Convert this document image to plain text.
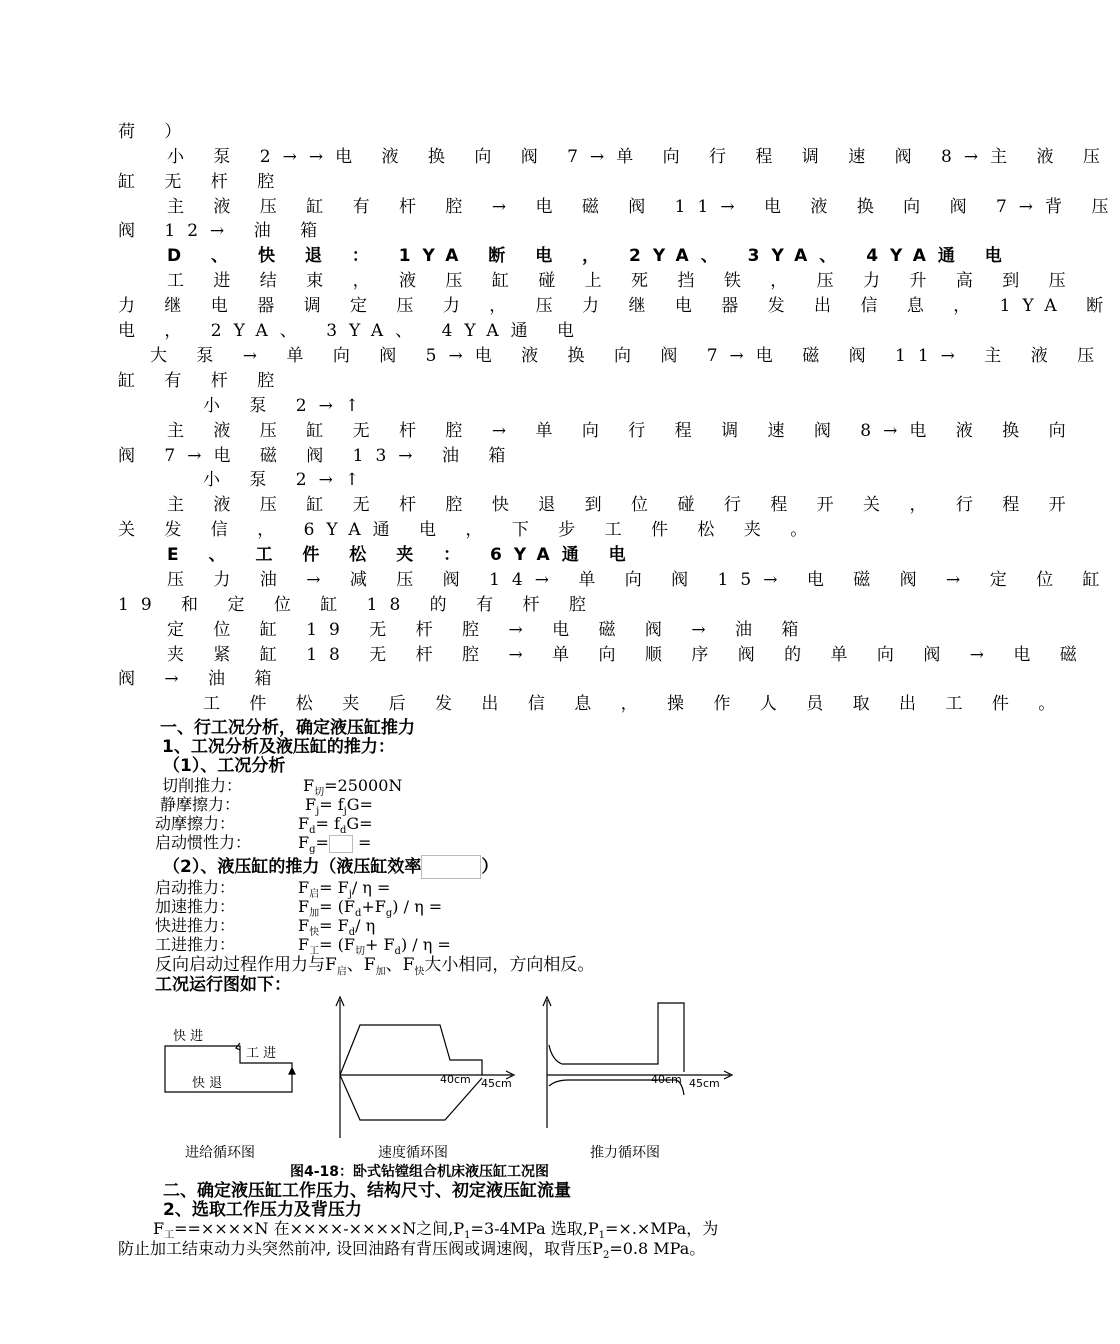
荷 ）
小 泵 2→→电 液 换 向 阀 7→单 向 行 程 调 速 阀 8→主 液 压
缸 无 杆 腔
主 液 压 缸 有 杆 腔 → 电 磁 阀 11→ 电 液 换 向 阀 7→背 压
阀 12→ 油 箱
D 、 快 退 ： 1YA 断 电 ， 2YA、 3YA、 4YA通 电
工 进 结 束 ， 液 压 缸 碰 上 死 挡 铁 ， 压 力 升 高 到 压
力 继 电 器 调 定 压 力 ， 压 力 继 电 器 发 出 信 息 ， 1YA 断
电 ， 2YA、 3YA、 4YA通 电
大 泵 → 单 向 阀 5→电 液 换 向 阀 7→电 磁 阀 11→ 主 液 压
缸 有 杆 腔
小 泵 2→↑
主 液 压 缸 无 杆 腔 → 单 向 行 程 调 速 阀 8→电 液 换 向
阀 7→电 磁 阀 13→ 油 箱
小 泵 2→↑
主 液 压 缸 无 杆 腔 快 退 到 位 碰 行 程 开 关 ， 行 程 开
关 发 信 ， 6YA通 电 ， 下 步 工 件 松 夹 。
E 、 工 件 松 夹 ： 6YA通 电
压 力 油 → 减 压 阀 14→ 单 向 阀 15→ 电 磁 阀 → 定 位 缸
19 和 定 位 缸 18 的 有 杆 腔
定 位 缸 19 无 杆 腔 → 电 磁 阀 → 油 箱
夹 紧 缸 18 无 杆 腔 → 单 向 顺 序 阀 的 单 向 阀 → 电 磁
阀 → 油 箱
工 件 松 夹 后 发 出 信 息 ， 操 作 人 员 取 出 工 件 。
一、行工况分析，确定液压缸推力
1、工况分析及液压缸的推力：
（1）、工况分析
切削推力：	$F_切=25000N$
静摩擦力：	$F_j= f_jG=$
动摩擦力：	$F_d= f_dG=$
启动惯性力：	$F_g=$ =
（2）、液压缸的推力（液压缸效率	）
启动推力：	$F_启= F_j/$ η =
加速推力：	$F_加= (F_d+F_g) / \eta$ =
快进推力：	$F_快= F_d/$ η
工进推力：	$F_工= (F_切+ F_d) / \eta$ =
反向启动过程作用力与$F_启$、$F_加$、$F_快$大小相同，方向相反。
工况运行图如下：
快 进
工 进
快 退	40cm 45cm	40cm 45cm
进给循环图	速度循环图	推力循环图
图4-18：卧式钻镗组合机床液压缸工况图
二、确定液压缸工作压力、结构尺寸、初定液压缸流量
2、选取工作压力及背压力
$F_工==\times\times\times\times N$ 在××××-××××N之间$,P_1=3-4MPa$ 选取$,P_1=\times.\times MPa$，为
防止加工结束动力头突然前冲, 设回油路有背压阀或调速阀，取背压$P_2=0.8$ MPa。
